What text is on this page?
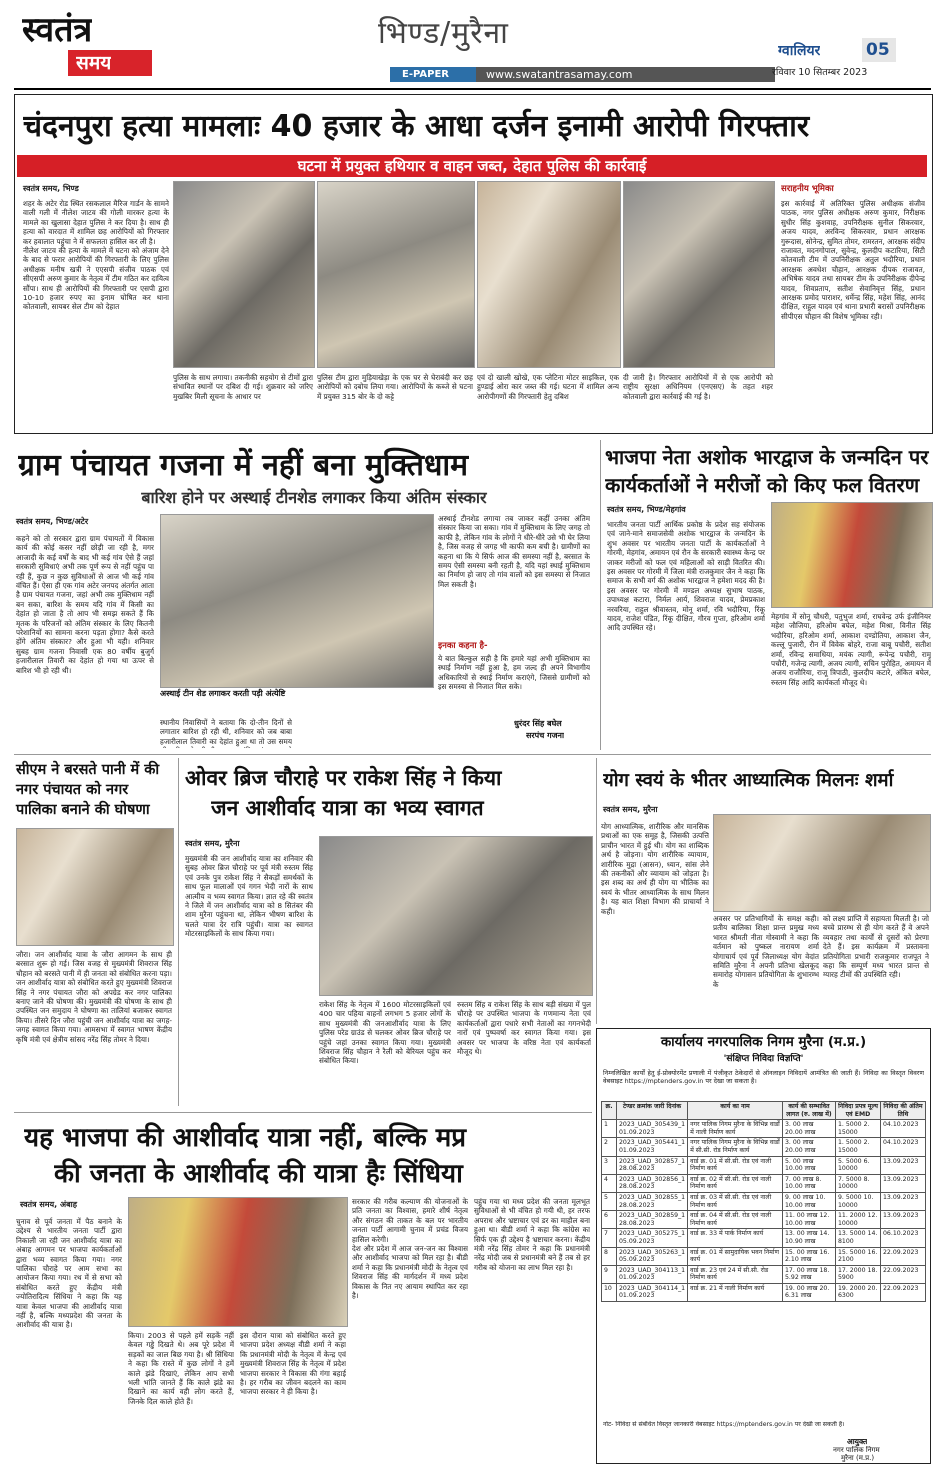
स्वतंत्र
समय
भिण्ड/मुरैना
E-PAPER	www.swatantrasamay.com
ग्वालियर	05
रविवार 10 सितम्बर 2023
चंदनपुरा हत्या मामलाः 40 हजार के आधा दर्जन इनामी आरोपी गिरफ्तार
घटना में प्रयुक्त हथियार व वाहन जब्त, देहात पुलिस की कार्रवाई
स्वतंत्र समय, भिण्ड
शहर के अटेर रोड स्थित रसकलाल मैरिज गार्डन के सामने वाली गली में नीलेश जाटव की गोली मारकर हत्या के मामले का खुलासा देहात पुलिस ने कर दिया है। साथ ही हत्या को वारदात में शामिल छह आरोपियों को गिरफ्तार कर हवालात पहुंचा ने में सफलता हासिल कर ली है।
नीलेश जाटव की हत्या के मामले में घटना को अंजाम देने के बाद से फरार आरोपियों की गिरफ्तारी के लिए पुलिस अधीक्षक मनीष खत्री ने एएसपी संजीव पाठक एवं सीएसपी अरुण कुमार के नेतृत्व में टीम गठित कर दायित्व सौंपा। साथ ही आरोपियों की गिरफ्तारी पर एसपी द्वारा 10-10 हजार रुपए का इनाम घोषित कर थाना कोतवाली, सायबर सेल टीम को देहात
पुलिस के साथ लगाया। तकनीकी सहयोग से टीमों द्वारा संभावित स्थानों पर दबिश दी गई। शुक्रवार को जरिए मुखबिर मिली सूचना के आधार पर
पुलिस टीम द्वारा मुड़ियाखेड़ा के एक घर से घेराबंदी कर छह आरोपियों को दबोच लिया गया। आरोपियों के कब्जे से घटना में प्रयुक्त 315 बोर के दो कट्टे
एवं दो खाली खोखे, एक प्लेटिना मोटर साइकिल, एक हुण्डाई ओरा कार जब्त की गई। घटना में शामिल अन्य आरोपीगणों की गिरफ्तारी हेतु दबिश
दी जारी है। गिरफ्तार आरोपियों में से एक आरोपी को राष्ट्रीय सुरक्षा अधिनियम (एनएसए) के तहत शहर कोतवाली द्वारा कार्रवाई की गई है।
सराहनीय भूमिका
इस कार्रवाई में अतिरिक्त पुलिस अधीक्षक संजीव पाठक, नगर पुलिस अधीक्षक अरुण कुमार, निरीक्षक सुधीर सिंह कुशवाह, उपनिरीक्षक सुनील सिकरवार, अजय यादव, अरविन्द सिकरवार, प्रधान आरक्षक गुरूदास, सोनेन्द्र, सुमित तोमर, रामरतन, आरक्षक संदीप राजावत, मदनगोपाल, सुवेन्द्र, कुलदीप कटारिया, सिटी कोतवाली टीम में उपनिरीक्षक अतुल भदौरिया, प्रधान आरक्षक अवधेश चौहान, आरक्षक दीपक राजावत, अभिषेक यादव तथा सायबर टीम के उपनिरीक्षक दीपेन्द्र यादव, शिवप्रताप, सतीश सेवानिवृत्त सिंह, प्रधान आरक्षक प्रमोद पाराशर, धर्मेन्द्र सिंह, महेश सिंह, आनंद दीक्षित, राहुल यादव एवं थाना प्रभारी बरासों उपनिरीक्षक सीपीएस चौहान की विशेष भूमिका रही।
ग्राम पंचायत गजना में नहीं बना मुक्तिधाम
बारिश होने पर अस्थाई टीनशेड लगाकर किया अंतिम संस्कार
स्वतंत्र समय, भिण्ड/अटेर
कहने को तो सरकार द्वारा ग्राम पंचायतों में विकास कार्य की कोई कसर नहीं छोड़ी जा रही है, मगर आजादी के कई वर्षों के बाद भी कई गांव ऐसे हैं जहां सरकारी सुविधाएं अभी तक पूर्ण रूप से नहीं पहुंच पा रही हैं, कुछ न कुछ सुविधाओं से आज भी कई गांव वंचित हैं। ऐसा ही एक गांव अटेर जनपद अंतर्गत आता है ग्राम पंचायत गजना, जहां अभी तक मुक्तिधाम नहीं बन सका, बारिश के समय यदि गांव में किसी का देहांत हो जाता है तो आप भी समझ सकते हैं कि मृतक के परिजनों को अंतिम संस्कार के लिए कितनी परेशानियों का सामना करना पड़ता होगा? कैसे करते होंगे अंतिम संस्कार? और हुआ भी यही। शनिवार सुबह ग्राम गजना निवासी एक 80 वर्षीय बुजुर्ग हजारीलाल तिवारी का देहांत हो गया था ऊपर से बारिश भी हो रही थी।
अस्थाई टीन शेड लगाकर करती पड़ी अंत्येष्टि
स्थानीय निवासियों ने बताया कि दो-तीन दिनों से लगातार बारिश हो रही थी, शनिवार को जब बाबा हजारीलाल तिवारी का देहांत हुआ था तो उस समय
अस्थाई टीनशेड लगाया तब जाकर कहीं उनका अंतिम संस्कार किया जा सका। गांव में मुक्तिधाम के लिए जगह तो काफी है, लेकिन गांव के लोगों ने धीरे-धीरे उसे भी घेर लिया है, जिस वजह से जगह भी काफी कम बची है। ग्रामीणों का कहना था कि ये सिर्फ आज की समस्या नहीं है, बरसात के समय ऐसी समस्या बनी रहती है, यदि यहां स्थाई मुक्तिधाम का निर्माण हो जाए तो गांव वालों को इस समस्या से निजात मिल सकती है।
इनका कहना है-
ये बात बिल्कुल सही है कि हमारे यहां अभी मुक्तिधाम का स्थाई निर्माण नहीं हुआ है, हम जल्द ही अपने विभागीय अधिकारियों से स्थाई निर्माण कराएंगे, जिससे ग्रामीणों को इस समस्या से निजात मिल सके।
धुरंदर सिंह बघेल
सरपंच गजना
भाजपा नेता अशोक भारद्वाज के जन्मदिन पर
कार्यकर्ताओं ने मरीजों को किए फल वितरण
स्वतंत्र समय, भिण्ड/मेहगांव
भारतीय जनता पार्टी आर्थिक प्रकोष्ठ के प्रदेश सह संयोजक एवं जाने-माने समाजसेवी अशोक भारद्वाज के जन्मदिन के शुभ अवसर पर भारतीय जनता पार्टी के कार्यकर्ताओं ने गोरमी, मेहगांव, अमायन एवं रौन के सरकारी स्वास्थ्य केन्द्र पर जाकर मरीजों को फल एवं महिलाओं को साड़ी वितरित की। इस अवसर पर गोरमी में जिला मंत्री राजकुमार जैन ने कहा कि समाज के सभी वर्ग की अशोक भारद्वाज ने हमेशा मदद की है। इस अवसर पर गोरमी में मण्डल अध्यक्ष सुभाष पाठक, उपाध्यक्ष कटारा, निर्मल आर्य, शिवराज यादव, प्रेमप्रकाश नरवरिया, राहुल श्रीवास्तव, मोनू शर्मा, रवि भदौरिया, रिंकू यादव, राजेश पंडित, रिंकू दीक्षित, गौरव गुप्ता, हरिओम शर्मा आदि उपस्थित रहे।
मेहगांव में सोनू चौधरी, पतुभुज शर्मा, राघवेन्द्र उर्फ इंजीनियर महेश जौजिया, हरिओम बघेल, महेश मिश्रा, विनीत सिंह भदौरिया, हरिओम शर्मा, आकाश दण्डोतिया, आकाश जैन, कल्लू पुजारी, रौन में विवेक बोहरे, राजा बाबू पचौरी, सतीश शर्मा, रविन्द्र समाधिया, मयंक त्यागी, रूपेन्द्र पचौरी, रामू पचौरी, गजेन्द्र त्यागी, अजय त्यागी, सचिन पुरोहित, अमायन में अजय राजौरिया, राजू त्रिपाठी, कुलदीप कटारे, अंकित बघेल, रुस्तम सिंह आदि कार्यकर्ता मौजूद थे।
सीएम ने बरसते पानी में की नगर पंचायत को नगर पालिका बनाने की घोषणा
जौरा। जन आशीर्वाद यात्रा के जौरा आगमन के साथ ही बरसात शुरू हो गई। जिस वजह से मुख्यमंत्री शिवराज सिंह चौहान को बरसते पानी में ही जनता को संबोधित करना पड़ा। जन आशीर्वाद यात्रा को संबोधित करते हुए मुख्यमंत्री शिवराज सिंह ने नगर पंचायत जौरा को अपग्रेड कर नगर पालिका बनाए जाने की घोषणा की। मुख्यमंत्री की घोषणा के साथ ही उपस्थित जन समुदाय ने घोषणा का तालियां बजाकर स्वागत किया। तीसरे दिन जौरा पहुंची जन आशीर्वाद यात्रा का जगह-जगह स्वागत किया गया। आमसभा में स्वागत भाषण केंद्रीय कृषि मंत्री एवं क्षेत्रीय सांसद नरेंद्र सिंह तोमर ने दिया।
ओवर ब्रिज चौराहे पर राकेश सिंह ने किया
जन आशीर्वाद यात्रा का भव्य स्वागत
स्वतंत्र समय, मुरैना
मुख्यमंत्री की जन आशीर्वाद यात्रा का शनिवार की सुबह ओवर ब्रिज चौराहे पर पूर्व मंत्री रुस्तम सिंह एवं उनके पुत्र राकेश सिंह ने सैकड़ों समर्थकों के साथ फूल मालाओं एवं गगन भेदी नारों के साथ आत्मीय व भव्य स्वागत किया। ज्ञात रहे की स्वतंत्र ने जिले में जन आशीर्वाद यात्रा को 8 सितंबर की शाम मुरैना पहुंचना था, लेकिन भीषण बारिश के चलते यात्रा देर रात्रि पहुंची। यात्रा का स्वागत मोटरसाइकिलों के साथ किया गया।
राकेश सिंह के नेतृत्व में 1600 मोटरसाइकिलों एवं 400 चार पहिया वाहनों लगभग 5 हजार लोगों के साथ मुख्यमंत्री की जनआशीर्वाद यात्रा के लिए पुलिस परेड ग्राउंड से चलकर ओवर ब्रिज चौराहे पर पहुंचे जहां उनका स्वागत किया गया। मुख्यमंत्री शिवराज सिंह चौहान ने रैली को बेरियल पहुंच कर संबोधित किया।
रुस्तम सिंह व राकेश सिंह के साथ बड़ी संख्या में पुल चौराहे पर उपस्थित भाजपा के गणमान्य नेता एवं कार्यकर्ताओं द्वारा पधारे सभी नेताओं का गगनभेदी नारों एवं पुष्पवर्षा कर स्वागत किया गया। इस अवसर पर भाजपा के वरिष्ठ नेता एवं कार्यकर्ता मौजूद थे।
योग स्वयं के भीतर आध्यात्मिक मिलनः शर्मा
स्वतंत्र समय, मुरैना
योग आध्यात्मिक, शारीरिक और मानसिक प्रथाओं का एक समूह है, जिसकी उत्पत्ति प्राचीन भारत में हुई थी। योग का शाब्दिक अर्थ है जोड़ना। योग शारीरिक व्यायाम, शारीरिक मुद्रा (आसन), ध्यान, सांस लेने की तकनीकों और व्यायाम को जोड़ता है। इस शब्द का अर्थ ही योग या भीतिक का स्वयं के भीतर आध्यात्मिक के साथ मिलन है। यह बात शिक्षा विभाग की प्राचार्या ने कही।
अवसर पर प्रतिभागियों के समक्ष कही। प्रतीय बालिका शिक्षा प्रान्त प्रमुख मध्य भारत श्रीमती नीता गोस्वामी ने कहा कि वर्तमान को पुष्कल नारायण शर्मा योगाचार्य एवं पूर्व जिलाध्यक्ष योग वेदांत समिति मुरैना ने अपनी प्रतिभा खेलकूद समारोह योगासन प्रतियोगिता के शुभारम्भ के
को लक्ष्य प्राप्ति में सहायता मिलती है। जो बच्चे प्रारम्भ से ही योग करते हैं वे अपने व्यवहार तथा कार्यों से दूसरों को प्रेरणा देते हैं। इस कार्यक्रम में प्रस्तावना प्रतियोगिता प्रभारी राजकुमार राजपूत ने कहा कि सम्पूर्ण मध्य भारत प्रान्त से ग्यारह टीमों की उपस्थिति रही।
कार्यालय नगरपालिक निगम मुरैना (म.प्र.)
'संक्षिप्त निविदा विज्ञप्ति'
निम्नलिखित कार्यों हेतु ई-प्रोक्योरमेंट प्रणाली में पंजीकृत ठेकेदारों से ऑनलाइन निविदायें आमंत्रित की जाती हैं। निविदा का विस्तृत विवरण वेबसाइट https://mptenders.gov.in पर देखा जा सकता है।
क्र.	टेण्डर क्रमांक जारी दिनांक	कार्य का नाम	कार्य की सम्भावित लागत (रु. लाख में)	निविदा प्रपत्र मूल्य एवं EMD	निविदा की अंतिम तिथि
1	2023_UAD_305439_1 01.09.2023	नगर पालिक निगम मुरैना के विभिन्न वार्डों में नाली निर्माण कार्य	3. 00 लाख 20.00 लाख	1. 5000 2. 15000	04.10.2023
2	2023_UAD_305441_1 01.09.2023	नगर पालिक निगम मुरैना के विभिन्न वार्डों में सी.सी. रोड निर्माण कार्य	3. 00 लाख 20.00 लाख	1. 5000 2. 15000	04.10.2023
3	2023_UAD_302857_1 28.08.2023	वार्ड क्र. 01 में सी.सी. रोड एवं नाली निर्माण कार्य	5. 00 लाख 10.00 लाख	5. 5000 6. 10000	13.09.2023
4	2023_UAD_302856_1 28.08.2023	वार्ड क्र. 02 में सी.सी. रोड एवं नाली निर्माण कार्य	7. 00 लाख 8. 10.00 लाख	7. 5000 8. 10000	13.09.2023
5	2023_UAD_302855_1 28.08.2023	वार्ड क्र. 03 में सी.सी. रोड एवं नाली निर्माण कार्य	9. 00 लाख 10. 10.00 लाख	9. 5000 10. 10000	13.09.2023
6	2023_UAD_302859_1 28.08.2023	वार्ड क्र. 04 में सी.सी. रोड एवं नाली निर्माण कार्य	11. 00 लाख 12. 10.00 लाख	11. 2000 12. 10000	13.09.2023
7	2023_UAD_305275_1 05.09.2023	वार्ड क्र. 33 में पार्क निर्माण कार्य	13. 00 लाख 14. 10.90 लाख	13. 5000 14. 8100	06.10.2023
8	2023_UAD_305263_1 05.09.2023	वार्ड क्र. 01 में सामुदायिक भवन निर्माण कार्य	15. 00 लाख 16. 2.10 लाख	15. 5000 16. 2100	22.09.2023
9	2023_UAD_304113_1 01.09.2023	वार्ड क्र. 23 एवं 24 में सी.सी. रोड निर्माण कार्य	17. 00 लाख 18. 5.92 लाख	17. 2000 18. 5900	22.09.2023
10	2023_UAD_304114_1 01.09.2023	वार्ड क्र. 21 में नाली निर्माण कार्य	19. 00 लाख 20. 6.31 लाख	19. 2000 20. 6300	22.09.2023
नोट- निविदा से संबंधित विस्तृत जानकारी वेबसाइट https://mptenders.gov.in पर देखी जा सकती है।
आयुक्त
नगर पालिक निगम
मुरैना (म.प्र.)
यह भाजपा की आशीर्वाद यात्रा नहीं, बल्कि मप्र
की जनता के आशीर्वाद की यात्रा हैः सिंधिया
स्वतंत्र समय, अंबाह
चुनाव से पूर्व जनता में पैठ बनाने के उद्देश्य से भारतीय जनता पार्टी द्वारा निकाली जा रही जन आशीर्वाद यात्रा का अंबाह आगमन पर भाजपा कार्यकर्ताओं द्वारा भव्य स्वागत किया गया। नगर पालिका चौराहे पर आम सभा का आयोजन किया गया। रथ में से सभा को संबोधित करते हुए केंद्रीय मंत्री ज्योतिरादित्य सिंधिया ने कहा कि यह यात्रा केवल भाजपा की आशीर्वाद यात्रा नहीं है, बल्कि मध्यप्रदेश की जनता के आशीर्वाद की यात्रा है।
किया। 2003 से पहले हमें सड़कें नहीं केवल गड्ढे दिखते थे। अब पूरे प्रदेश में सड़कों का जाल बिछ गया है। श्री सिंधिया ने कहा कि रास्ते में कुछ लोगों ने हमें काले झंडे दिखाएं, लेकिन आप सभी भली भांति जानते हैं कि काले झंडे का दिखाने का कार्य वही लोग करते हैं, जिनके दिल काले होते हैं।
इस दौरान यात्रा को संबोधित करते हुए भाजपा प्रदेश अध्यक्ष वीडी शर्मा ने कहा कि प्रधानमंत्री मोदी के नेतृत्व में केन्द्र एवं मुख्यमंत्री शिवराज सिंह के नेतृत्व में प्रदेश भाजपा सरकार ने विकास की गंगा बहाई है। हर गरीब का जीवन बदलने का काम भाजपा सरकार ने ही किया है।
सरकार की गरीब कल्याण की योजनाओं के प्रति जनता का विश्वास, हमारे शीर्ष नेतृत्व और संगठन की ताकत के बल पर भारतीय जनता पार्टी आगामी चुनाव में प्रचंड विजय हासिल करेगी।
देश और प्रदेश में आज जन-जन का विश्वास और आशीर्वाद भाजपा को मिल रहा है। बीडी शर्मा ने कहा कि प्रधानमंत्री मोदी के नेतृत्व एवं शिवराज सिंह की मार्गदर्शन में मध्य प्रदेश विकास के नित नए आयाम स्थापित कर रहा है।
पहुंच गया था मध्य प्रदेश की जनता मूलभूत सुविधाओं से भी वंचित हो गयी थी, हर तरफ अपराध और भ्रष्टाचार एवं डर का माहौल बना हुआ था। बीडी शर्मा ने कहा कि कांग्रेस का सिर्फ एक ही उद्देश्य है भ्रष्टाचार करना। केंद्रीय मंत्री नरेंद्र सिंह तोमर ने कहा कि प्रधानमंत्री नरेंद्र मोदी जब से प्रधानमंत्री बने हैं तब से हर गरीब को योजना का लाभ मिल रहा है।
